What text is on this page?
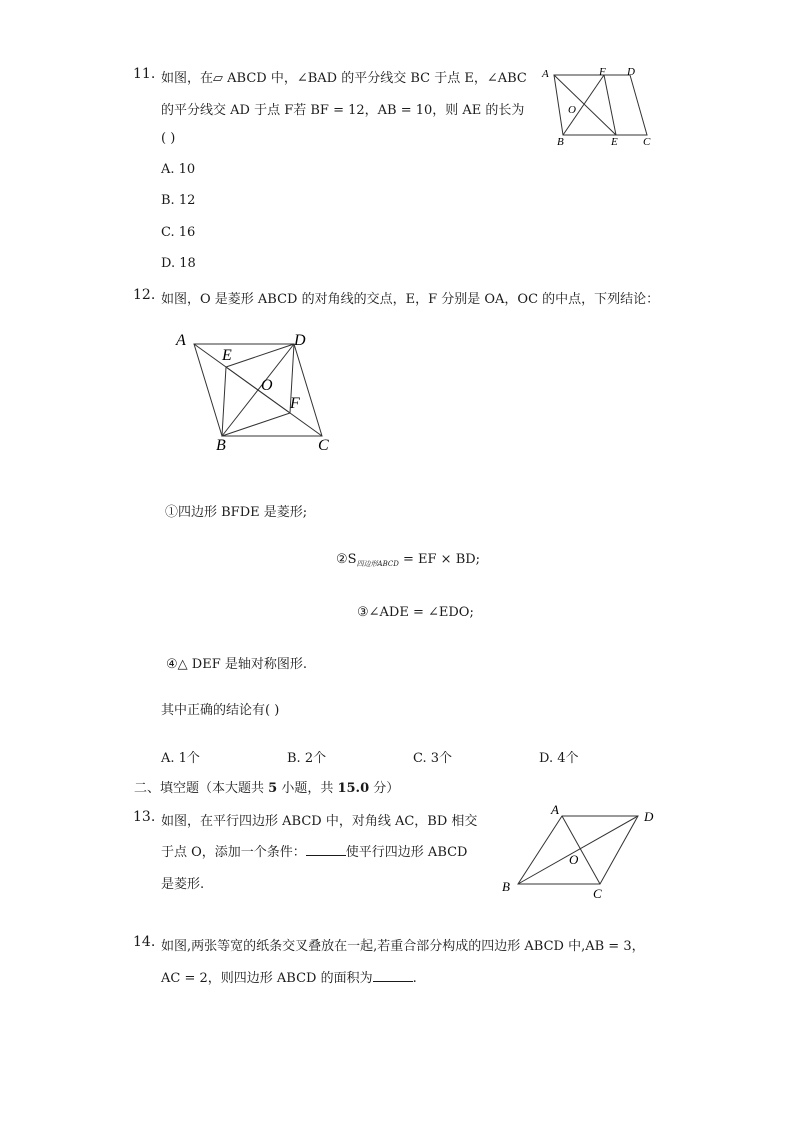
11. 如图，在▱ ABCD 中，∠BAD 的平分线交 BC 于点 E，∠ABC
的平分线交 AD 于点 F若 BF = 12，AB = 10，则 AE 的长为
( )
A. 10
B. 12
C. 16
D. 18
A	F D
O
B	E C
12. 如图，O 是菱形 ABCD 的对角线的交点，E，F 分别是 OA，OC 的中点，下列结论：
A	D
E
O
F
B	C
①四边形 BFDE 是菱形;
$②S_{四边形ABCD}$ = EF × BD;
③∠ADE = ∠EDO;
④△ DEF 是轴对称图形.
其中正确的结论有( )
A. 1个	B. 2个	C. 3个	D. 4个
二、填空题（本大题共 5 小题，共 15.0 分）
13. 如图，在平行四边形 ABCD 中，对角线 AC，BD 相交
于点 O，添加一个条件：	使平行四边形 ABCD
是菱形.
A	D
O
B	C
14. 如图,两张等宽的纸条交叉叠放在一起,若重合部分构成的四边形 ABCD 中,AB = 3，
AC = 2，则四边形 ABCD 的面积为	.
